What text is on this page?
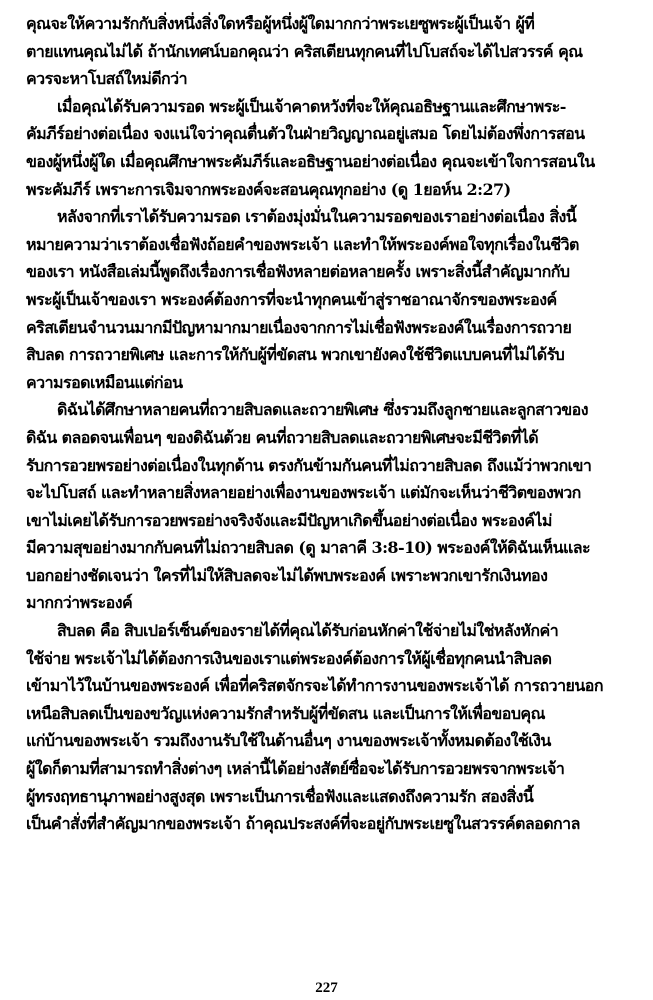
คุณจะให้ความรักกับสิ่งหนึ่งสิ่งใดหรือผู้หนึ่งผู้ใดมากกว่าพระเยซูพระผู้เป็นเจ้า ผู้ที่
ตายแทนคุณไม่ได้ ถ้านักเทศน์บอกคุณว่า คริสเตียนทุกคนที่ไปโบสถ์จะได้ไปสวรรค์ คุณ
ควรจะหาโบสถ์ใหม่ดีกว่า
เมื่อคุณได้รับความรอด พระผู้เป็นเจ้าคาดหวังที่จะให้คุณอธิษฐานและศึกษาพระ-
คัมภีร์อย่างต่อเนื่อง จงแน่ใจว่าคุณตื่นตัวในฝ่ายวิญญาณอยู่เสมอ โดยไม่ต้องพึ่งการสอน
ของผู้หนึ่งผู้ใด เมื่อคุณศึกษาพระคัมภีร์และอธิษฐานอย่างต่อเนื่อง คุณจะเข้าใจการสอนใน
พระคัมภีร์ เพราะการเจิมจากพระองค์จะสอนคุณทุกอย่าง (ดู 1ยอห์น 2:27)
หลังจากที่เราได้รับความรอด เราต้องมุ่งมั่นในความรอดของเราอย่างต่อเนื่อง สิ่งนี้
หมายความว่าเราต้องเชื่อฟังถ้อยคำของพระเจ้า และทำให้พระองค์พอใจทุกเรื่องในชีวิต
ของเรา หนังสือเล่มนี้พูดถึงเรื่องการเชื่อฟังหลายต่อหลายครั้ง เพราะสิ่งนี้สำคัญมากกับ
พระผู้เป็นเจ้าของเรา พระองค์ต้องการที่จะนำทุกคนเข้าสู่ราชอาณาจักรของพระองค์
คริสเตียนจำนวนมากมีปัญหามากมายเนื่องจากการไม่เชื่อฟังพระองค์ในเรื่องการถวาย
สิบลด การถวายพิเศษ และการให้กับผู้ที่ขัดสน พวกเขายังคงใช้ชีวิตแบบคนที่ไม่ได้รับ
ความรอดเหมือนแต่ก่อน
ดิฉันได้ศึกษาหลายคนที่ถวายสิบลดและถวายพิเศษ ซึ่งรวมถึงลูกชายและลูกสาวของ
ดิฉัน ตลอดจนเพื่อนๆ ของดิฉันด้วย คนที่ถวายสิบลดและถวายพิเศษจะมีชีวิตที่ได้
รับการอวยพรอย่างต่อเนื่องในทุกด้าน ตรงกันข้ามกันคนที่ไม่ถวายสิบลด ถึงแม้ว่าพวกเขา
จะไปโบสถ์ และทำหลายสิ่งหลายอย่างเพื่องานของพระเจ้า แต่มักจะเห็นว่าชีวิตของพวก
เขาไม่เคยได้รับการอวยพรอย่างจริงจังและมีปัญหาเกิดขึ้นอย่างต่อเนื่อง พระองค์ไม่
มีความสุขอย่างมากกับคนที่ไม่ถวายสิบลด (ดู มาลาคี 3:8-10) พระองค์ให้ดิฉันเห็นและ
บอกอย่างชัดเจนว่า ใครที่ไม่ให้สิบลดจะไม่ได้พบพระองค์ เพราะพวกเขารักเงินทอง
มากกว่าพระองค์
สิบลด คือ สิบเปอร์เซ็นต์ของรายได้ที่คุณได้รับก่อนหักค่าใช้จ่ายไม่ใช่หลังหักค่า
ใช้จ่าย พระเจ้าไม่ได้ต้องการเงินของเราแต่พระองค์ต้องการให้ผู้เชื่อทุกคนนำสิบลด
เข้ามาไว้ในบ้านของพระองค์ เพื่อที่คริสตจักรจะได้ทำการงานของพระเจ้าได้ การถวายนอก
เหนือสิบลดเป็นของขวัญแห่งความรักสำหรับผู้ที่ขัดสน และเป็นการให้เพื่อขอบคุณ
แก่บ้านของพระเจ้า รวมถึงงานรับใช้ในด้านอื่นๆ งานของพระเจ้าทั้งหมดต้องใช้เงิน
ผู้ใดก็ตามที่สามารถทำสิ่งต่างๆ เหล่านี้ได้อย่างสัตย์ซื่อจะได้รับการอวยพรจากพระเจ้า
ผู้ทรงฤทธานุภาพอย่างสูงสุด เพราะเป็นการเชื่อฟังและแสดงถึงความรัก สองสิ่งนี้
เป็นคำสั่งที่สำคัญมากของพระเจ้า ถ้าคุณประสงค์ที่จะอยู่กับพระเยซูในสวรรค์ตลอดกาล
227
